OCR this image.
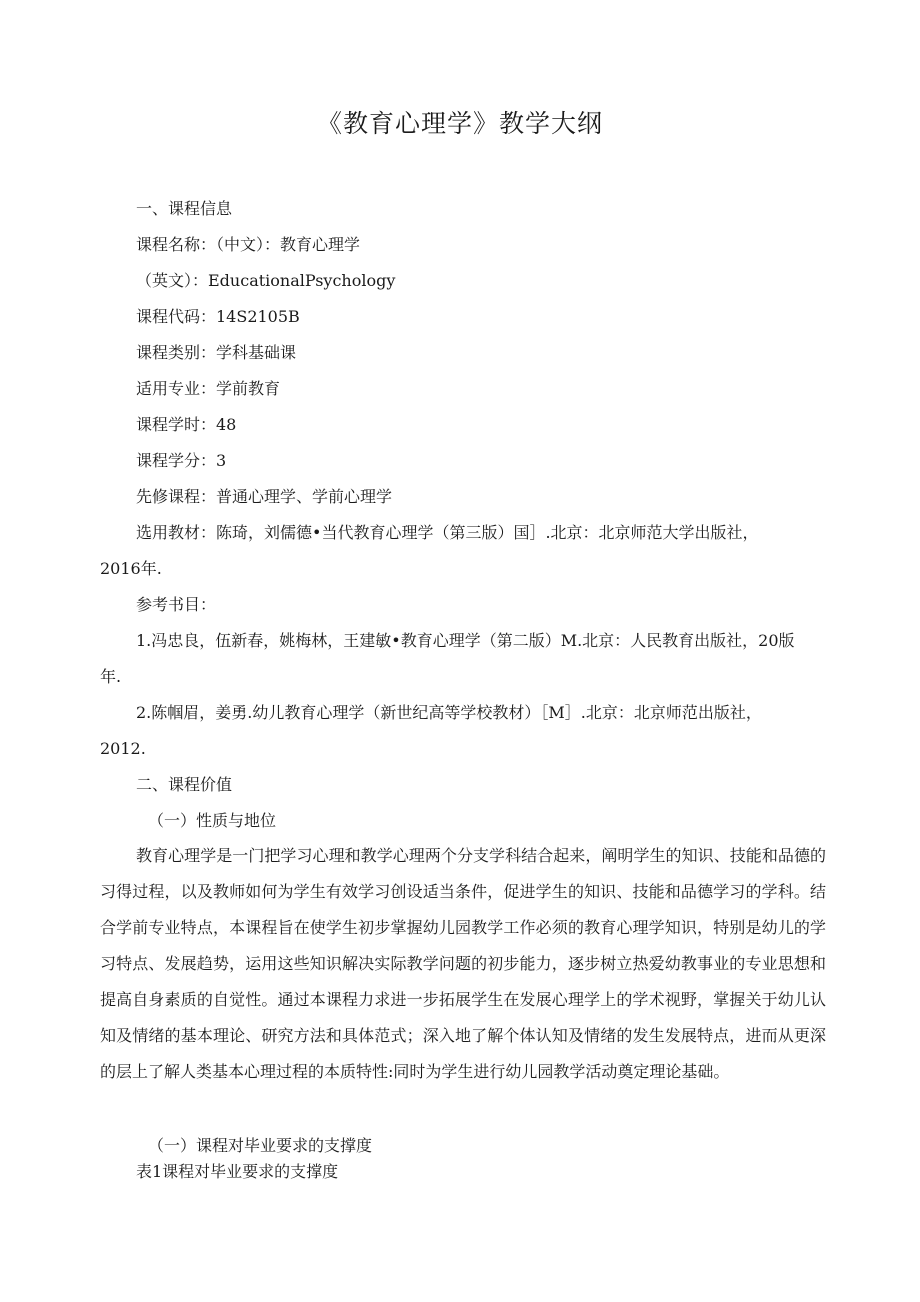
《教育心理学》教学大纲
一、课程信息
课程名称：（中文）：教育心理学
（英文）：EducationalPsychology
课程代码：14S2105B
课程类别：学科基础课
适用专业：学前教育
课程学时：48
课程学分：3
先修课程：普通心理学、学前心理学
选用教材：陈琦，刘儒德•当代教育心理学（第三版）国］.北京：北京师范大学出版社，
2016年.
参考书目：
1.冯忠良，伍新春，姚梅林，王建敏•教育心理学（第二版）M.北京：人民教育出版社，20版
年.
2.陈帼眉，姜勇.幼儿教育心理学（新世纪高等学校教材）［M］.北京：北京师范出版社，
2012.
二、课程价值
（一）性质与地位
教育心理学是一门把学习心理和教学心理两个分支学科结合起来，阐明学生的知识、技能和品德的习得过程，以及教师如何为学生有效学习创设适当条件，促进学生的知识、技能和品德学习的学科。结合学前专业特点，本课程旨在使学生初步掌握幼儿园教学工作必须的教育心理学知识，特别是幼儿的学习特点、发展趋势，运用这些知识解决实际教学问题的初步能力，逐步树立热爱幼教事业的专业思想和提高自身素质的自觉性。通过本课程力求进一步拓展学生在发展心理学上的学术视野，掌握关于幼儿认知及情绪的基本理论、研究方法和具体范式；深入地了解个体认知及情绪的发生发展特点，进而从更深的层上了解人类基本心理过程的本质特性:同时为学生进行幼儿园教学活动奠定理论基础。
（一）课程对毕业要求的支撑度
表1课程对毕业要求的支撑度
